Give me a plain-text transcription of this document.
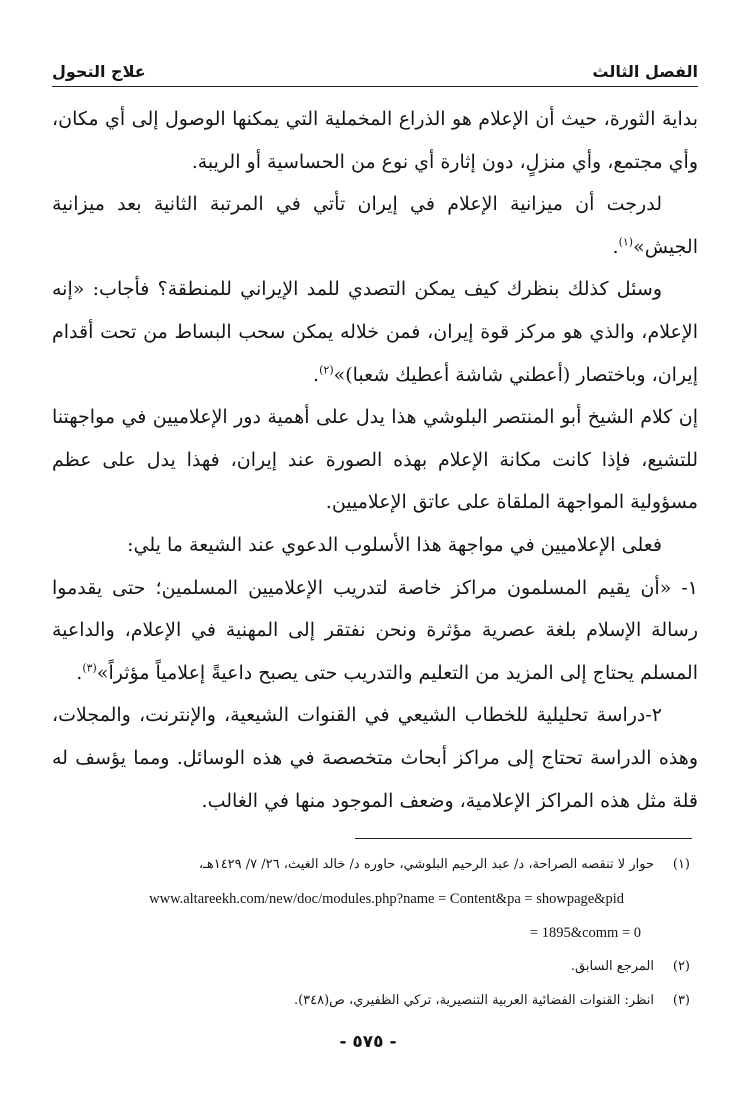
الفصل الثالث
علاج التحول

بداية الثورة، حيث أن الإعلام هو الذراع المخملية التي يمكنها الوصول إلى أي مكان، وأي مجتمع، وأي منزلٍ، دون إثارة أي نوع من الحساسية أو الريبة.

لدرجت أن ميزانية الإعلام في إيران تأتي في المرتبة الثانية بعد ميزانية الجيش»$^{(١)}$.

وسئل كذلك بنظرك كيف يمكن التصدي للمد الإيراني للمنطقة؟ فأجاب: «إنه الإعلام، والذي هو مركز قوة إيران، فمن خلاله يمكن سحب البساط من تحت أقدام إيران، وباختصار (أعطني شاشة أعطيك شعبا)»$^{(٢)}$.

إن كلام الشيخ أبو المنتصر البلوشي هذا يدل على أهمية دور الإعلاميين في مواجهتنا للتشيع، فإذا كانت مكانة الإعلام بهذه الصورة عند إيران، فهذا يدل على عظم مسؤولية المواجهة الملقاة على عاتق الإعلاميين.

فعلى الإعلاميين في مواجهة هذا الأسلوب الدعوي عند الشيعة ما يلي:

١- «أن يقيم المسلمون مراكز خاصة لتدريب الإعلاميين المسلمين؛ حتى يقدموا رسالة الإسلام بلغة عصرية مؤثرة ونحن نفتقر إلى المهنية في الإعلام، والداعية المسلم يحتاج إلى المزيد من التعليم والتدريب حتى يصبح داعيةً إعلامياً مؤثراً»$^{(٣)}$.

٢-دراسة تحليلية للخطاب الشيعي في القنوات الشيعية، والإنترنت، والمجلات، وهذه الدراسة تحتاج إلى مراكز أبحاث متخصصة في هذه الوسائل. ومما يؤسف له قلة مثل هذه المراكز الإعلامية، وضعف الموجود منها في الغالب.

(١)
حوار لا تنقصه الصراحة، د/ عبد الرحيم البلوشي، حاوره د/ خالد الغيث، ٢٦/ ٧/ ١٤٢٩هـ،
www.altareekh.com/new/doc/modules.php?name = Content&pa = showpage&pid
= 1895&comm = 0
(٢)
المرجع السابق.
(٣)
انظر: القنوات الفضائية العربية التنصيرية، تركي الظفيري، ص(٣٤٨).
- ٥٧٥ -
